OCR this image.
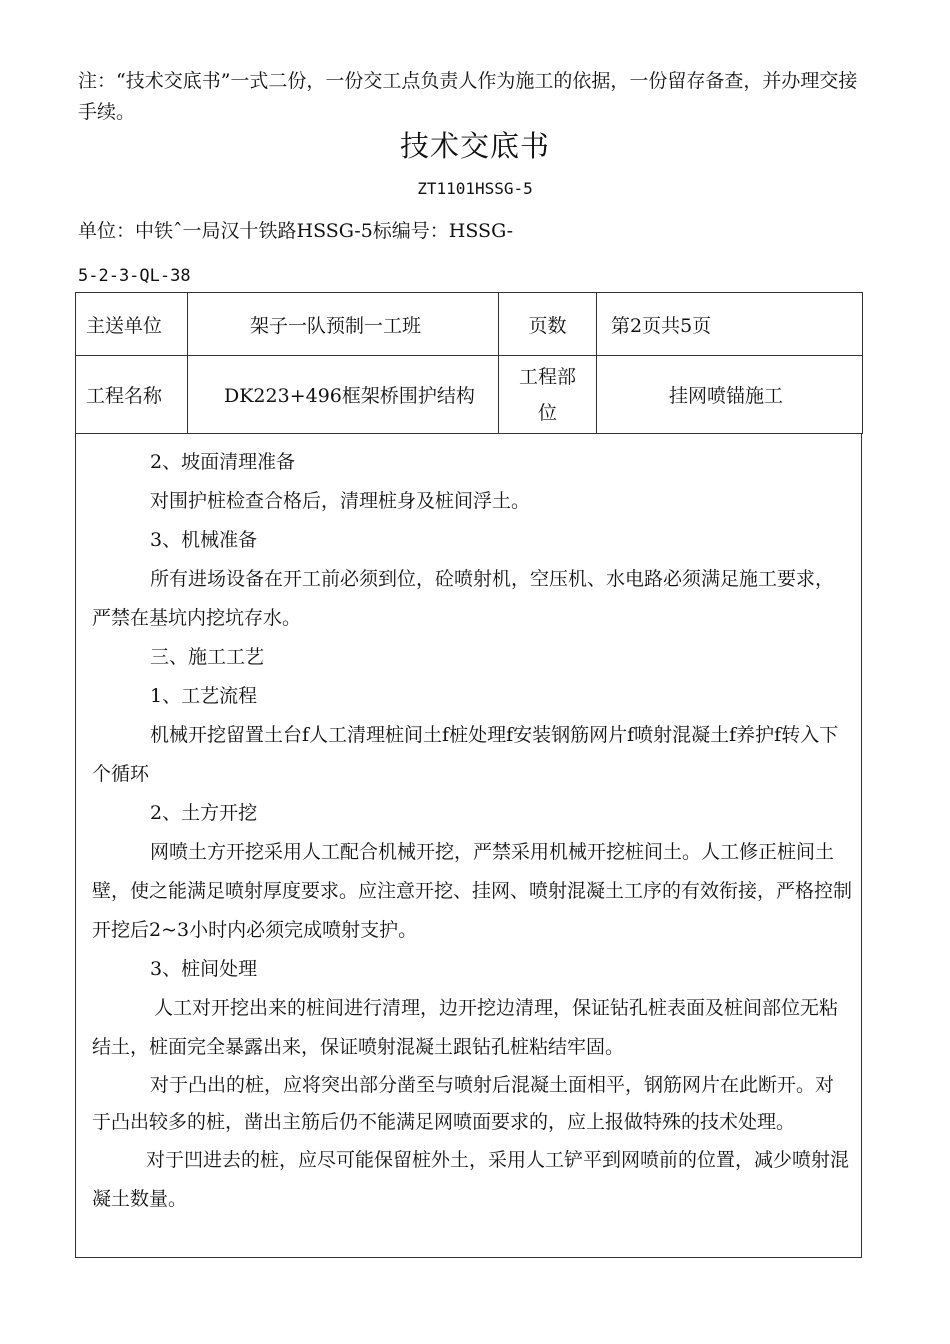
注：“技术交底书”一式二份，一份交工点负责人作为施工的依据，一份留存备查，并办理交接手续。
技术交底书
ZT1101HSSG-5
单位：中铁ˆ一局汉十铁路HSSG-5标编号：HSSG-
5-2-3-QL-38
主送单位	架子一队预制一工班	页数	第2页共5页
工程名称	DK223+496框架桥围护结构	工程部位	挂网喷锚施工

2、坡面清理准备

对围护桩检查合格后，清理桩身及桩间浮土。

3、机械准备

所有进场设备在开工前必须到位，砼喷射机，空压机、水电路必须满足施工要求，严禁在基坑内挖坑存水。

三、施工工艺

1、工艺流程

机械开挖留置土台f人工清理桩间土f桩处理f安装钢筋网片f喷射混凝土f养护f转入下个循环

2、土方开挖

网喷土方开挖采用人工配合机械开挖，严禁采用机械开挖桩间土。人工修正桩间土壁，使之能满足喷射厚度要求。应注意开挖、挂网、喷射混凝土工序的有效衔接，严格控制开挖后2~3小时内必须完成喷射支护。

3、桩间处理

人工对开挖出来的桩间进行清理，边开挖边清理，保证钻孔桩表面及桩间部位无粘结土，桩面完全暴露出来，保证喷射混凝土跟钻孔桩粘结牢固。

对于凸出的桩，应将突出部分凿至与喷射后混凝土面相平，钢筋网片在此断开。对于凸出较多的桩，凿出主筋后仍不能满足网喷面要求的，应上报做特殊的技术处理。

对于凹进去的桩，应尽可能保留桩外土，采用人工铲平到网喷前的位置，减少喷射混凝土数量。
